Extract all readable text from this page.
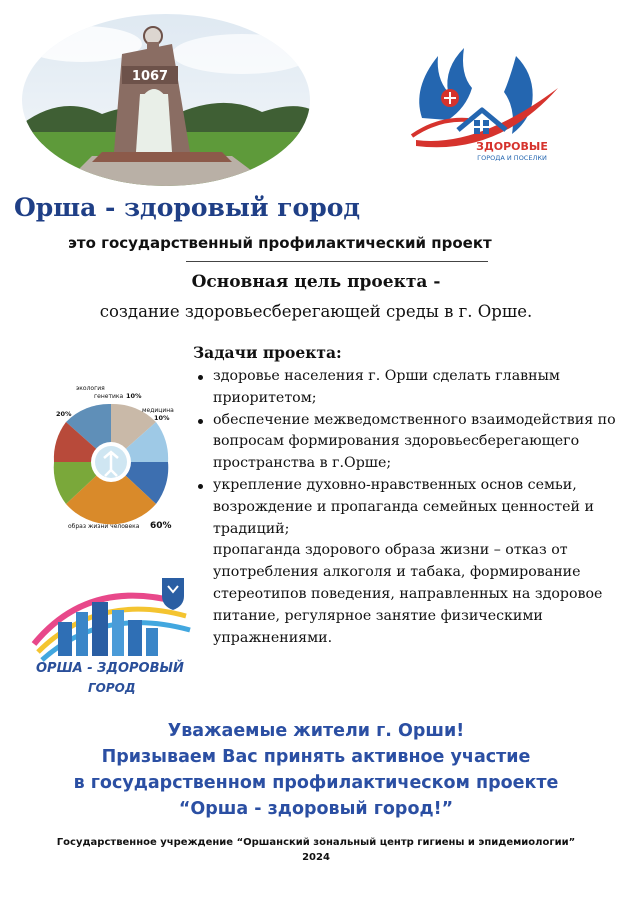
1067
ЗДОРОВЫЕ
ГОРОДА И ПОСЕЛКИ
Орша - здоровый город

это государственный профилактический проект

Основная цель проекта -

создание здоровьесберегающей среды в г. Орше.

Задачи проекта:

здоровье населения г. Орши сделать главным приоритетом;
обеспечение межведомственного взаимодействия по вопросам формирования здоровьесберегающего пространства в г.Орше;
укрепление духовно-нравственных основ семьи, возрождение и пропаганда семейных ценностей и традиций;
пропаганда здорового образа жизни – отказ от употребления алкоголя и табака, формирование стереотипов поведения, направленных на здоровое питание, регулярное занятие физическими упражнениями.
экология
20%
генетика 10%
медицина
10%
образ жизни человека 60%
ОРША - ЗДОРОВЫЙ
ГОРОД
Уважаемые жители г. Орши!
Призываем Вас принять активное участие
в государственном профилактическом проекте
“Орша - здоровый город!”
Государственное учреждение “Оршанский зональный центр гигиены и эпидемиологии”
2024
